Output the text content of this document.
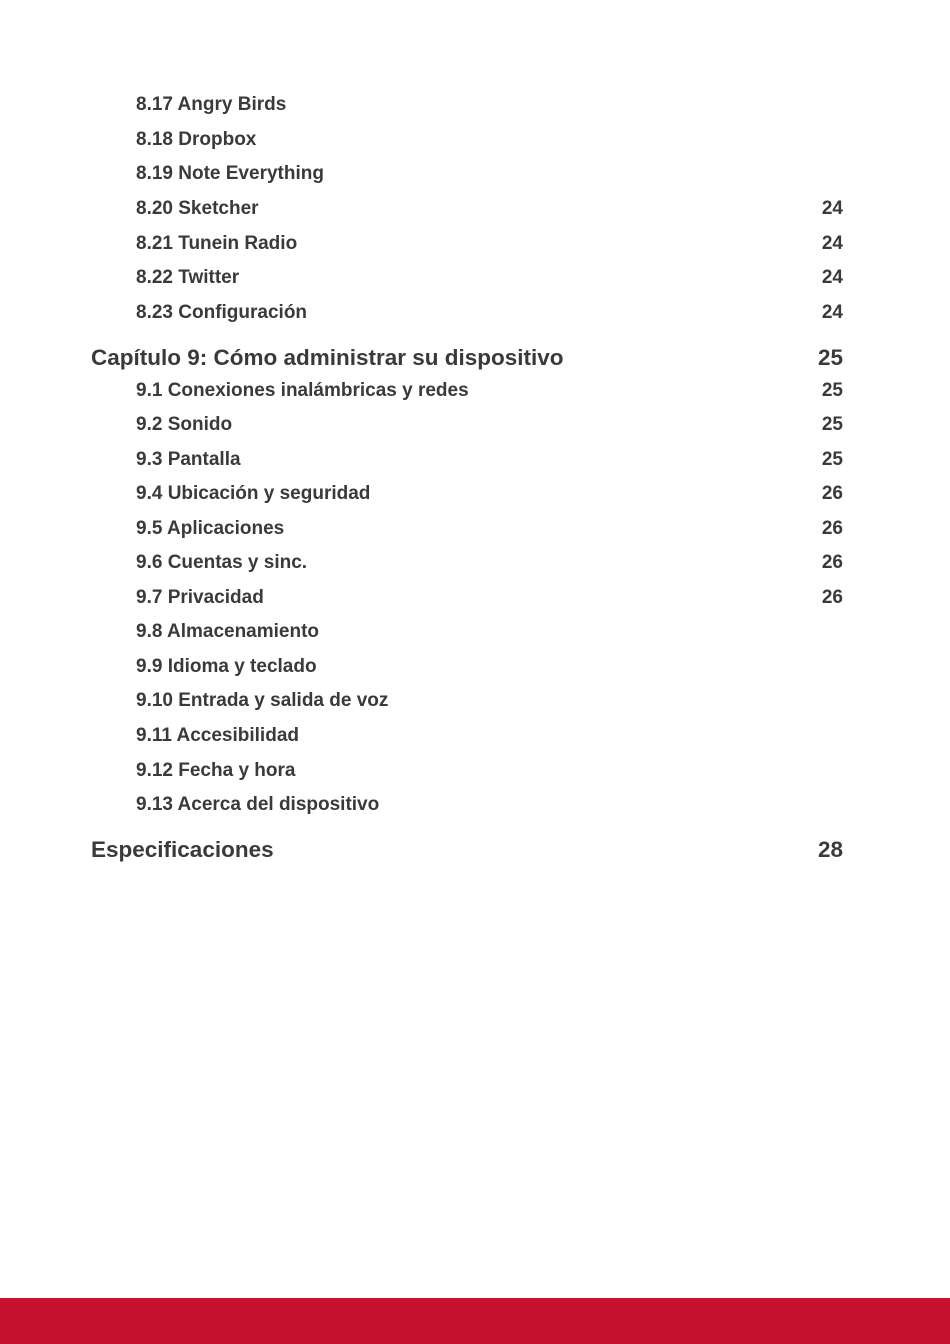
8.17 Angry Birds
8.18 Dropbox
8.19 Note Everything
8.20 Sketcher	24
8.21 Tunein Radio	24
8.22 Twitter	24
8.23 Configuración	24
Capítulo 9: Cómo administrar su dispositivo	25
9.1 Conexiones inalámbricas y redes	25
9.2 Sonido	25
9.3 Pantalla	25
9.4 Ubicación y seguridad	26
9.5 Aplicaciones	26
9.6 Cuentas y sinc.	26
9.7 Privacidad	26
9.8 Almacenamiento
9.9 Idioma y teclado
9.10 Entrada y salida de voz
9.11 Accesibilidad
9.12 Fecha y hora
9.13 Acerca del dispositivo
Especificaciones	28
